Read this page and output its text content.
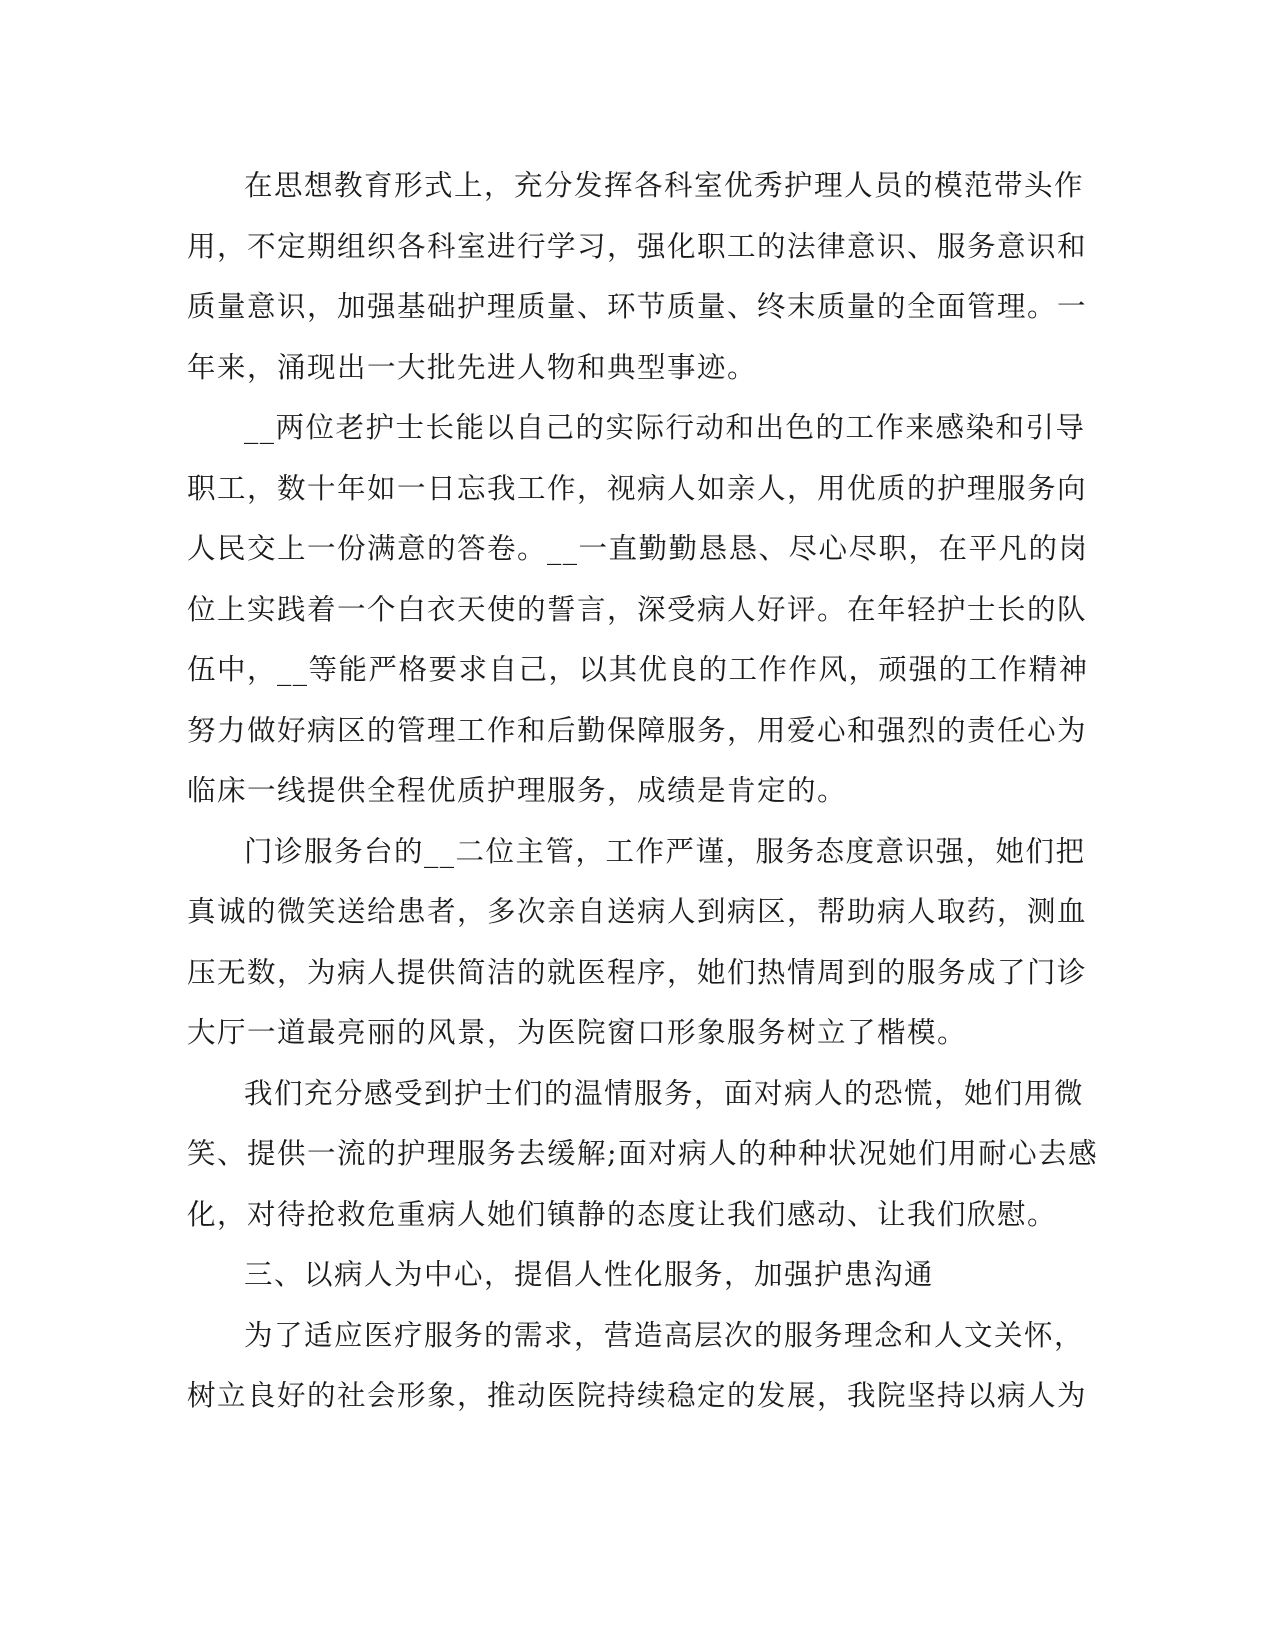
在思想教育形式上，充分发挥各科室优秀护理人员的模范带头作
用，不定期组织各科室进行学习，强化职工的法律意识、服务意识和
质量意识，加强基础护理质量、环节质量、终末质量的全面管理。一
年来，涌现出一大批先进人物和典型事迹。

__两位老护士长能以自己的实际行动和出色的工作来感染和引导
职工，数十年如一日忘我工作，视病人如亲人，用优质的护理服务向
人民交上一份满意的答卷。__一直勤勤恳恳、尽心尽职，在平凡的岗
位上实践着一个白衣天使的誓言，深受病人好评。在年轻护士长的队
伍中，__等能严格要求自己，以其优良的工作作风，顽强的工作精神
努力做好病区的管理工作和后勤保障服务，用爱心和强烈的责任心为
临床一线提供全程优质护理服务，成绩是肯定的。

门诊服务台的__二位主管，工作严谨，服务态度意识强，她们把
真诚的微笑送给患者，多次亲自送病人到病区，帮助病人取药，测血
压无数，为病人提供简洁的就医程序，她们热情周到的服务成了门诊
大厅一道最亮丽的风景，为医院窗口形象服务树立了楷模。

我们充分感受到护士们的温情服务，面对病人的恐慌，她们用微
笑、提供一流的护理服务去缓解;面对病人的种种状况她们用耐心去感
化，对待抢救危重病人她们镇静的态度让我们感动、让我们欣慰。

三、以病人为中心，提倡人性化服务，加强护患沟通

为了适应医疗服务的需求，营造高层次的服务理念和人文关怀，
树立良好的社会形象，推动医院持续稳定的发展，我院坚持以病人为
